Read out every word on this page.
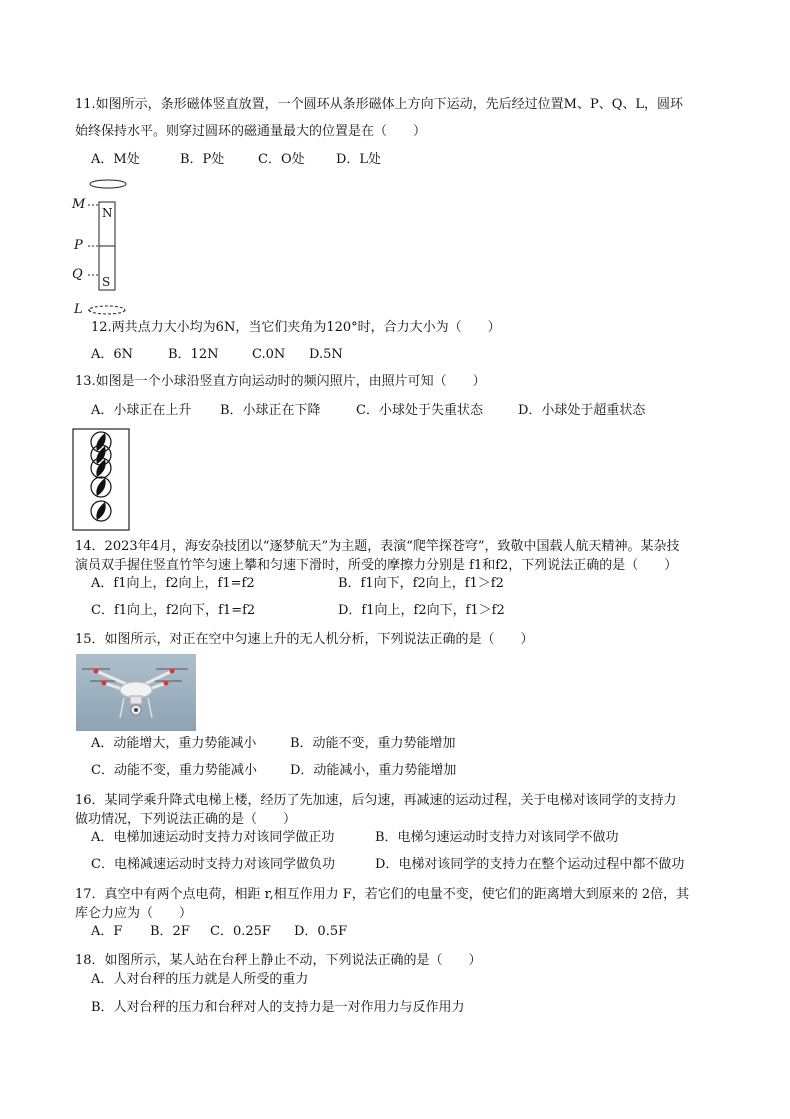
11.如图所示，条形磁体竖直放置，一个圆环从条形磁体上方向下运动，先后经过位置M、P、Q、L，圆环
始终保持水平。则穿过圆环的磁通量最大的位置是在（　　）
A．M处	B．P处	C．O处 D．L处
M
P
Q
L
N
S
12.两共点力大小均为6N，当它们夹角为120°时，合力大小为（　　）
A．6N	B．12N	C.0N D.5N
13.如图是一个小球沿竖直方向运动时的频闪照片，由照片可知（　　）
A．小球正在上升 B．小球正在下降	C．小球处于失重状态	D．小球处于超重状态
14．2023年4月，海安杂技团以“逐梦航天”为主题，表演“爬竿探苍穹”，致敬中国载人航天精神。某杂技
演员双手握住竖直竹竿匀速上攀和匀速下滑时，所受的摩擦力分别是 f1和f2，下列说法正确的是（　　）
A．f1向上，f2向上，f1=f2	B．f1向下，f2向上，f1＞f2
C．f1向上，f2向下，f1=f2	D．f1向上，f2向下，f1＞f2
15．如图所示，对正在空中匀速上升的无人机分析，下列说法正确的是（　　）
A．动能增大，重力势能减小	B．动能不变，重力势能增加
C．动能不变，重力势能减小	D．动能减小，重力势能增加
16．某同学乘升降式电梯上楼，经历了先加速，后匀速，再减速的运动过程，关于电梯对该同学的支持力
做功情况，下列说法正确的是（　　）
A．电梯加速运动时支持力对该同学做正功	B．电梯匀速运动时支持力对该同学不做功
C．电梯减速运动时支持力对该同学做负功	D．电梯对该同学的支持力在整个运动过程中都不做功
17．真空中有两个点电荷，相距 r,相互作用力 F，若它们的电量不变，使它们的距离增大到原来的 2倍，其
库仑力应为（　　）
A．F B．2F C．0.25F D．0.5F
18．如图所示，某人站在台秤上静止不动，下列说法正确的是（　　）
A．人对台秤的压力就是人所受的重力
B．人对台秤的压力和台秤对人的支持力是一对作用力与反作用力
